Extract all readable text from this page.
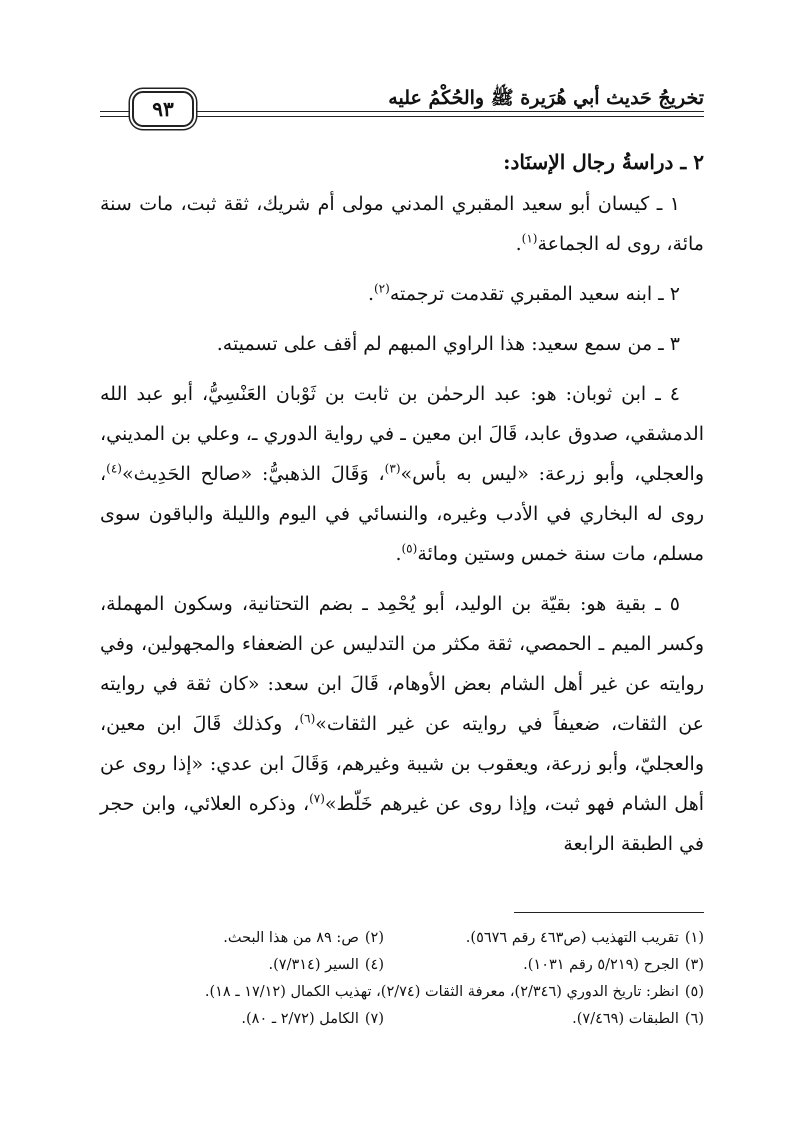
تخريجُ حَديث أبي هُرَيرة ﷺ والحُكْمُ عليه
٩٣

٢ ـ دراسةُ رجال الإسنَاد:

١ ـ كيسان أبو سعيد المقبري المدني مولى أم شريك، ثقة ثبت، مات سنة مائة، روى له الجماعة$^{(١)}$.

٢ ـ ابنه سعيد المقبري تقدمت ترجمته$^{(٢)}$.

٣ ـ من سمع سعيد: هذا الراوي المبهم لم أقف على تسميته.

٤ ـ ابن ثوبان: هو: عبد الرحمٰن بن ثابت بن ثَوْبان العَنْسِيُّ، أبو عبد الله الدمشقي، صدوق عابد، قَالَ ابن معين ـ في رواية الدوري ـ، وعلي بن المديني، والعجلي، وأبو زرعة: «ليس به بأس»$^{(٣)}$، وَقَالَ الذهبيُّ: «صالح الحَدِيث»$^{(٤)}$، روى له البخاري في الأدب وغيره، والنسائي في اليوم والليلة والباقون سوى مسلم، مات سنة خمس وستين ومائة$^{(٥)}$.

٥ ـ بقية هو: بقيّة بن الوليد، أبو يُحْمِد ـ بضم التحتانية، وسكون المهملة، وكسر الميم ـ الحمصي، ثقة مكثر من التدليس عن الضعفاء والمجهولين، وفي روايته عن غير أهل الشام بعض الأوهام، قَالَ ابن سعد: «كان ثقة في روايته عن الثقات، ضعيفاً في روايته عن غير الثقات»$^{(٦)}$، وكذلك قَالَ ابن معين، والعجليّ، وأبو زرعة، ويعقوب بن شيبة وغيرهم، وَقَالَ ابن عدي: «إذا روى عن أهل الشام فهو ثبت، وإذا روى عن غيرهم خَلّط»$^{(٧)}$، وذكره العلائي، وابن حجر في الطبقة الرابعة

(١)تقريب التهذيب (ص٤٦٣ رقم ٥٦٧٦).
(٢)ص: ٨٩ من هذا البحث.
(٣)الجرح (٥/٢١٩ رقم ١٠٣١).
(٤)السير (٧/٣١٤).
(٥)انظر: تاريخ الدوري (٢/٣٤٦)، معرفة الثقات (٢/٧٤)، تهذيب الكمال (١٧/١٢ ـ ١٨).
(٦)الطبقات (٧/٤٦٩).
(٧)الكامل (٢/٧٢ ـ ٨٠).
